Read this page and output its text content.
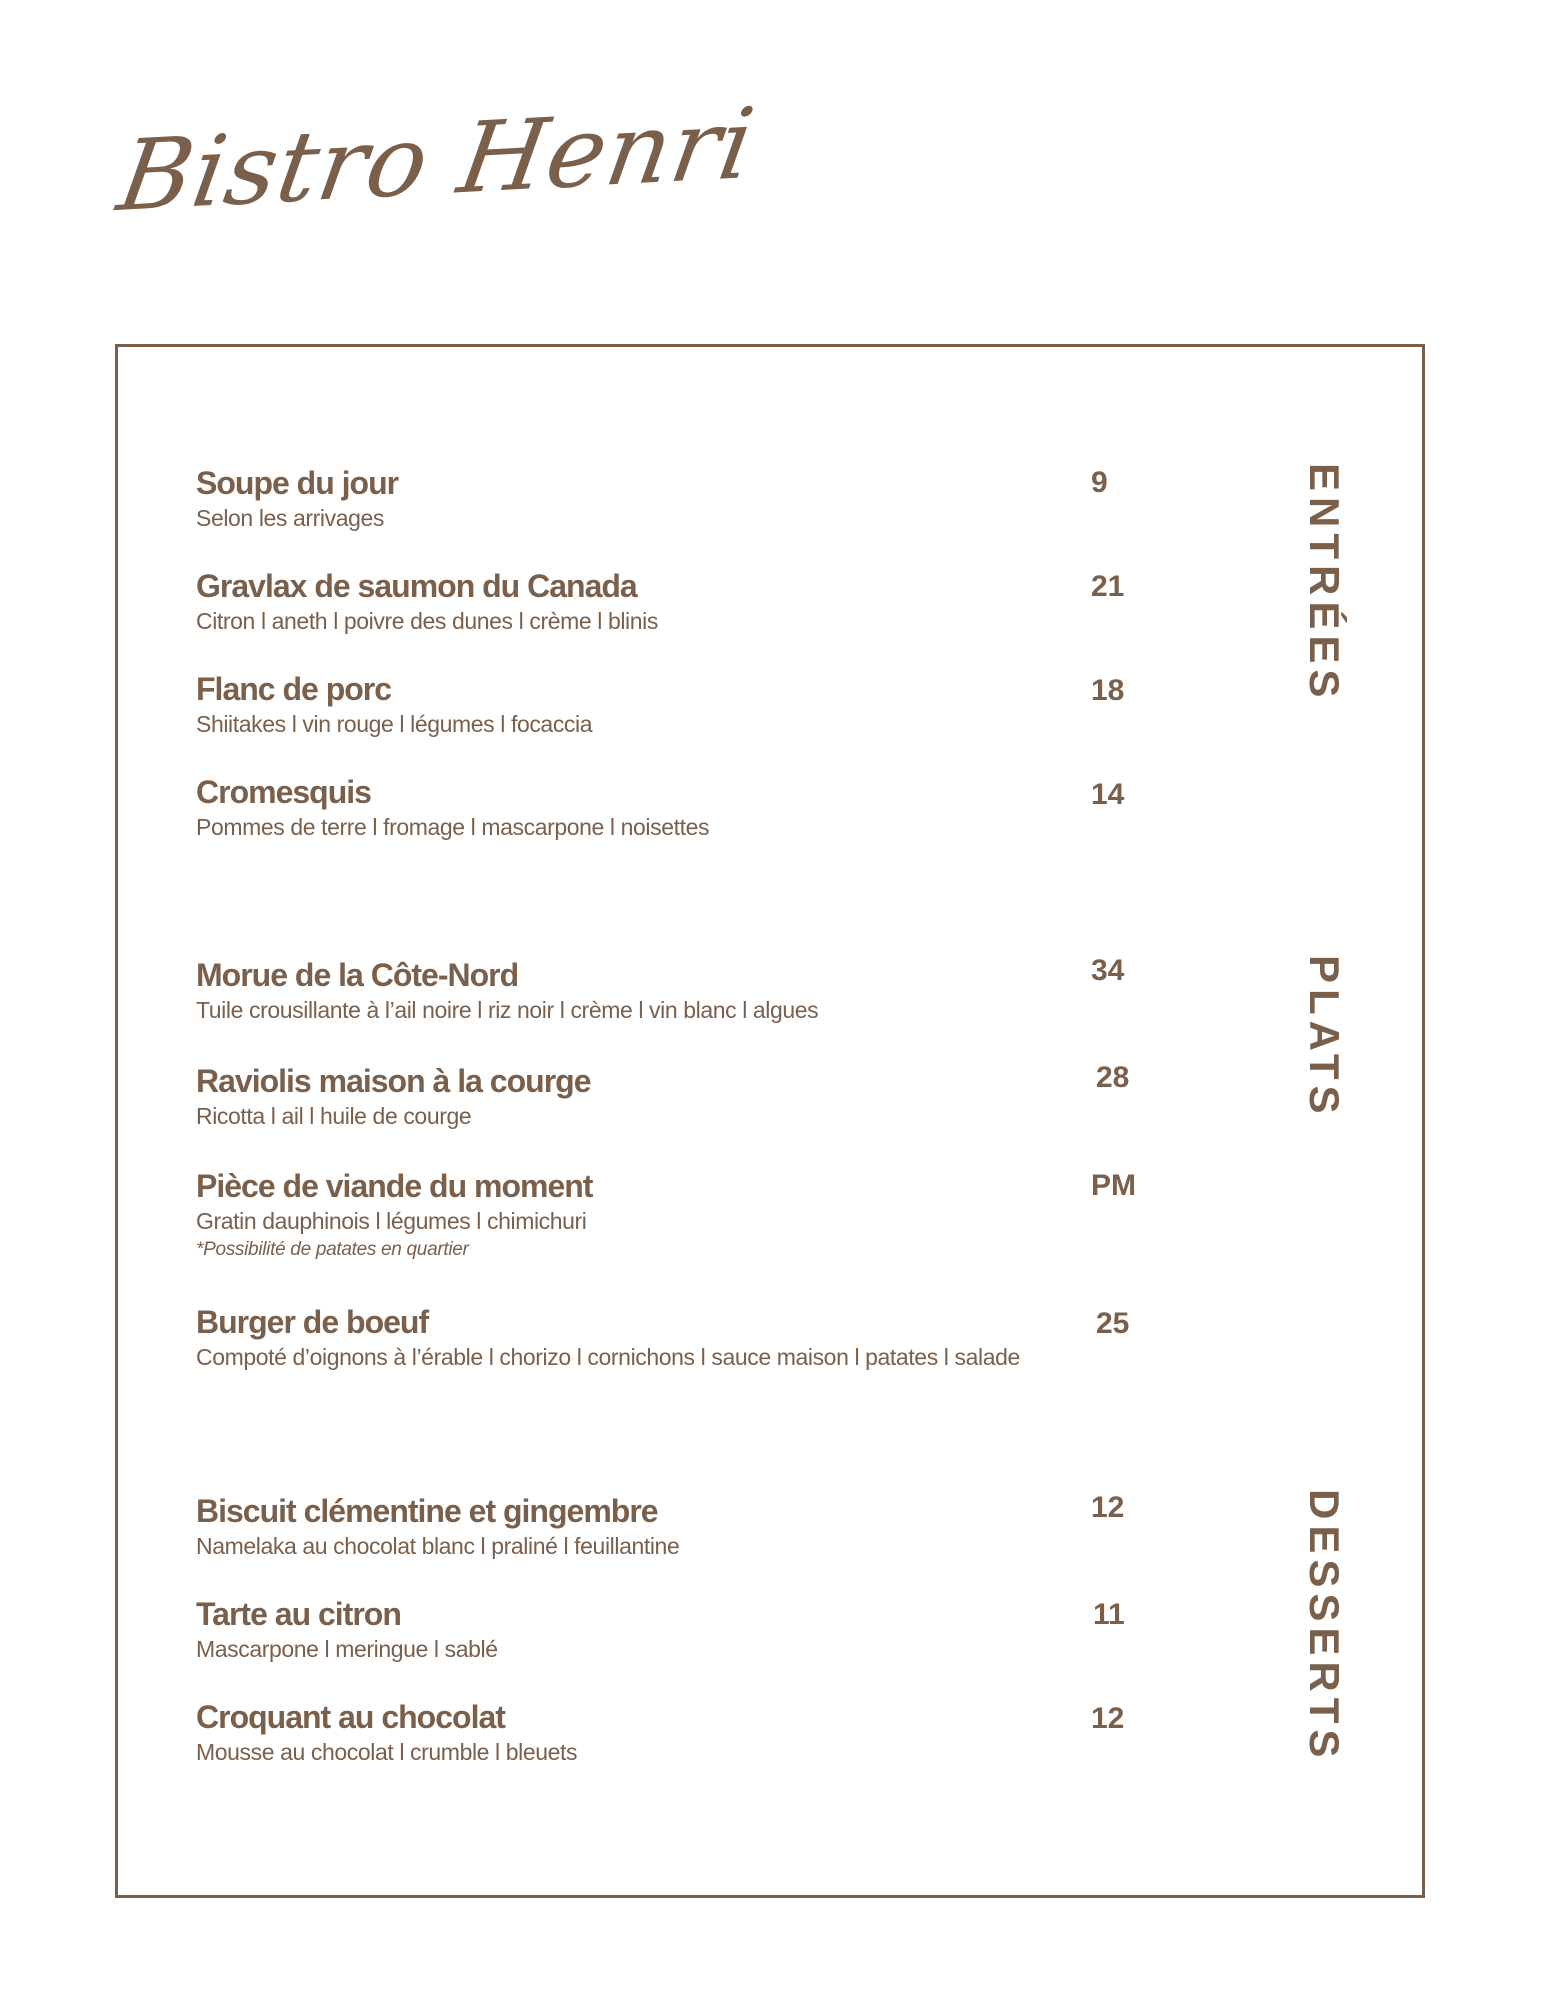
Bistro Henri
ENTRÉES
Soupe du jour
Selon les arrivages
9
Gravlax de saumon du Canada
Citron l aneth l poivre des dunes l crème l blinis
21
Flanc de porc
Shiitakes l vin rouge l légumes l focaccia
18
Cromesquis
Pommes de terre l fromage l mascarpone l noisettes
14
PLATS
Morue de la Côte-Nord
Tuile crousillante à l’ail noire l riz noir l crème l vin blanc l algues
34
Raviolis maison à la courge
Ricotta l ail l huile de courge
28
Pièce de viande du moment
Gratin dauphinois l légumes l chimichuri
*Possibilité de patates en quartier
PM
Burger de boeuf
Compoté d’oignons à l’érable l chorizo l cornichons l sauce maison l patates l salade
25
DESSERTS
Biscuit clémentine et gingembre
Namelaka au chocolat blanc l praliné l feuillantine
12
Tarte au citron
Mascarpone l meringue l sablé
11
Croquant au chocolat
Mousse au chocolat l crumble l bleuets
12
